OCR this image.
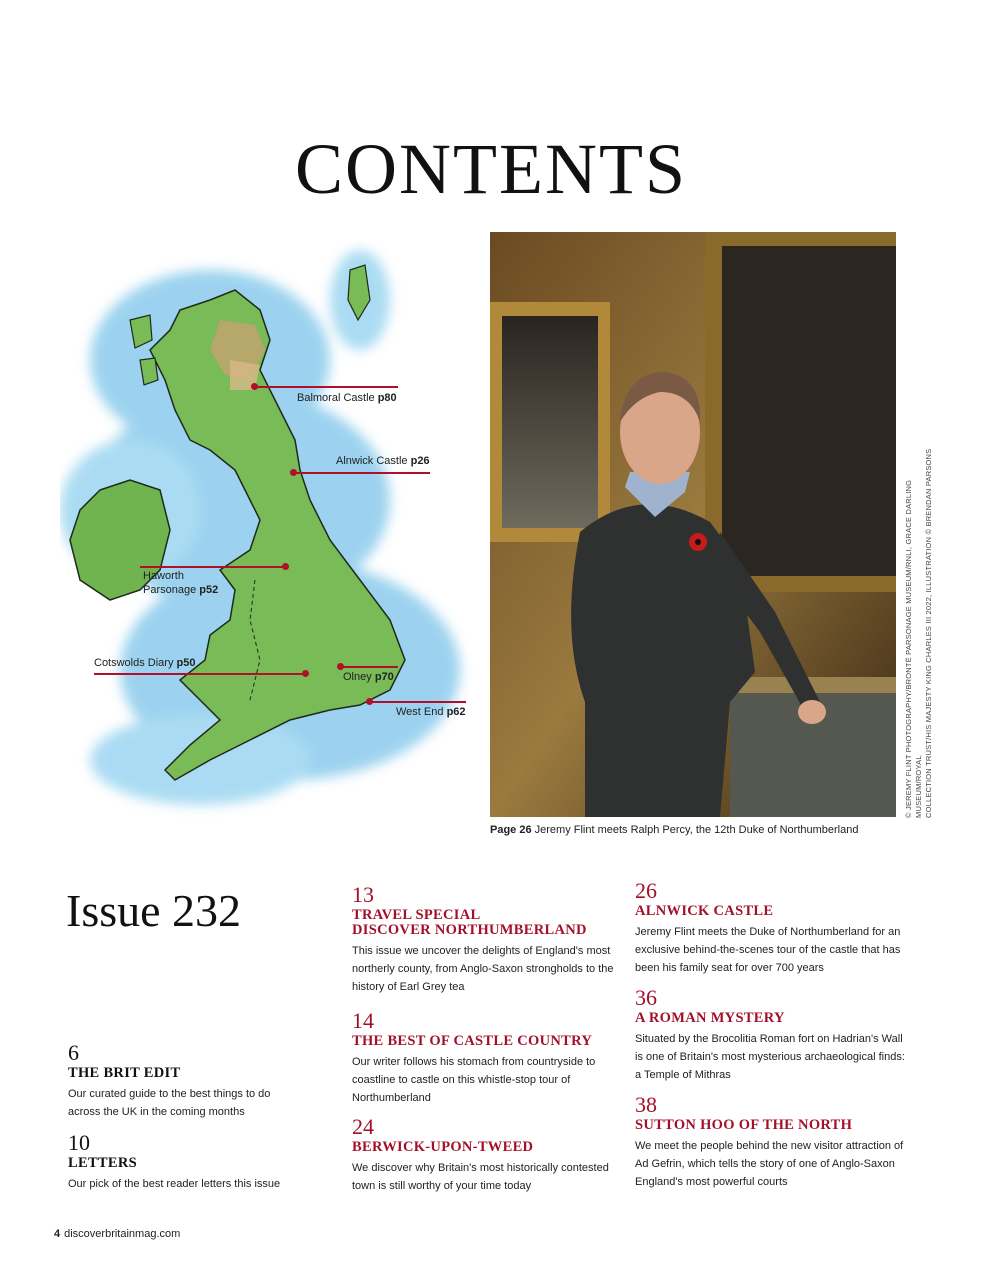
CONTENTS
Balmoral Castle p80
Alnwick Castle p26
Haworth
Parsonage p52
Cotswolds Diary p50
Olney p70
West End p62
Page 26 Jeremy Flint meets Ralph Percy, the 12th Duke of Northumberland
© JEREMY FLINT PHOTOGRAPHY/BRONTË PARSONAGE MUSEUM/RNLI, GRACE DARLING MUSEUM/ROYAL COLLECTION TRUST/HIS MAJESTY KING CHARLES III 2022, ILLUSTRATION © BRENDAN PARSONS
Issue 232	13
TRAVEL SPECIAL
DISCOVER NORTHUMBERLAND
This issue we uncover the delights of England's most northerly county, from Anglo-Saxon strongholds to the history of Earl Grey tea
14
THE BEST OF CASTLE COUNTRY
Our writer follows his stomach from countryside to coastline to castle on this whistle-stop tour of Northumberland
24
BERWICK-UPON-TWEED
We discover why Britain's most historically contested town is still worthy of your time today
26
ALNWICK CASTLE
Jeremy Flint meets the Duke of Northumberland for an exclusive behind-the-scenes tour of the castle that has been his family seat for over 700 years
36
A ROMAN MYSTERY
Situated by the Brocolitia Roman fort on Hadrian's Wall is one of Britain's most mysterious archaeological finds: a Temple of Mithras
38
SUTTON HOO OF THE NORTH
We meet the people behind the new visitor attraction of Ad Gefrin, which tells the story of one of Anglo-Saxon England's most powerful courts
6
THE BRIT EDIT
Our curated guide to the best things to do across the UK in the coming months
10
LETTERS
Our pick of the best reader letters this issue
4 discoverbritainmag.com
